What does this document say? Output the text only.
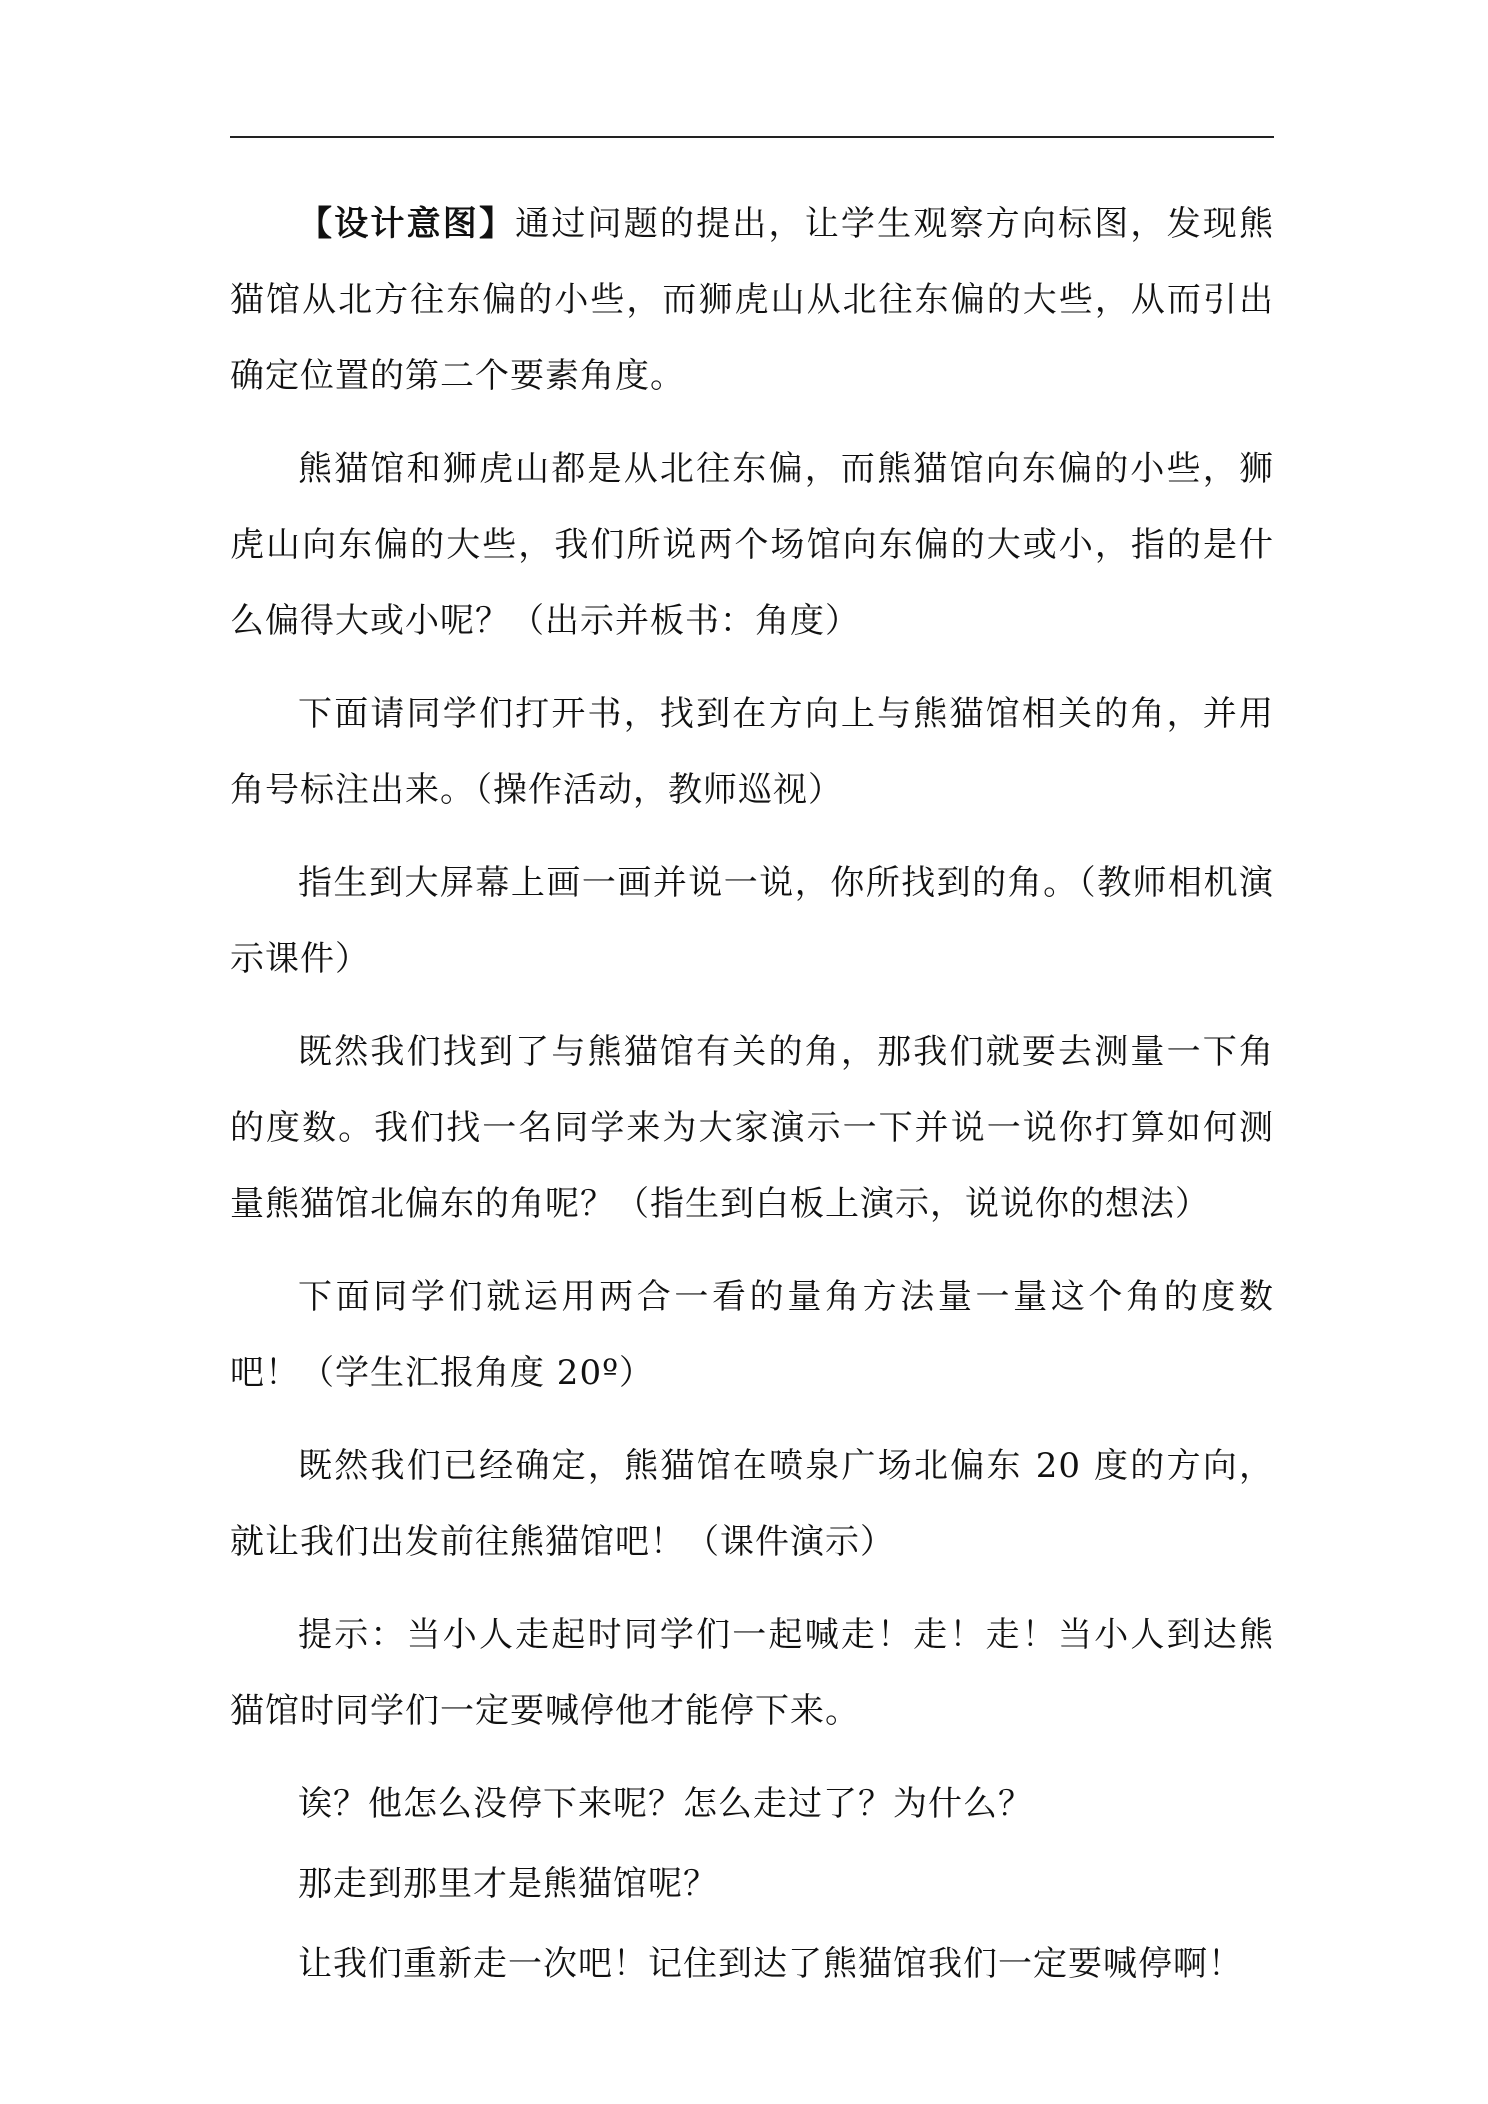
【设计意图】通过问题的提出，让学生观察方向标图，发现熊猫馆从北方往东偏的小些，而狮虎山从北往东偏的大些，从而引出确定位置的第二个要素角度。

熊猫馆和狮虎山都是从北往东偏，而熊猫馆向东偏的小些，狮虎山向东偏的大些，我们所说两个场馆向东偏的大或小，指的是什么偏得大或小呢？（出示并板书：角度）

下面请同学们打开书，找到在方向上与熊猫馆相关的角，并用角号标注出来。（操作活动，教师巡视）

指生到大屏幕上画一画并说一说，你所找到的角。（教师相机演示课件）

既然我们找到了与熊猫馆有关的角，那我们就要去测量一下角的度数。我们找一名同学来为大家演示一下并说一说你打算如何测量熊猫馆北偏东的角呢？（指生到白板上演示，说说你的想法）

下面同学们就运用两合一看的量角方法量一量这个角的度数吧！（学生汇报角度 20º）

既然我们已经确定，熊猫馆在喷泉广场北偏东 20 度的方向，就让我们出发前往熊猫馆吧！（课件演示）

提示：当小人走起时同学们一起喊走！走！走！当小人到达熊猫馆时同学们一定要喊停他才能停下来。

诶？他怎么没停下来呢？怎么走过了？为什么？

那走到那里才是熊猫馆呢？

让我们重新走一次吧！记住到达了熊猫馆我们一定要喊停啊！
